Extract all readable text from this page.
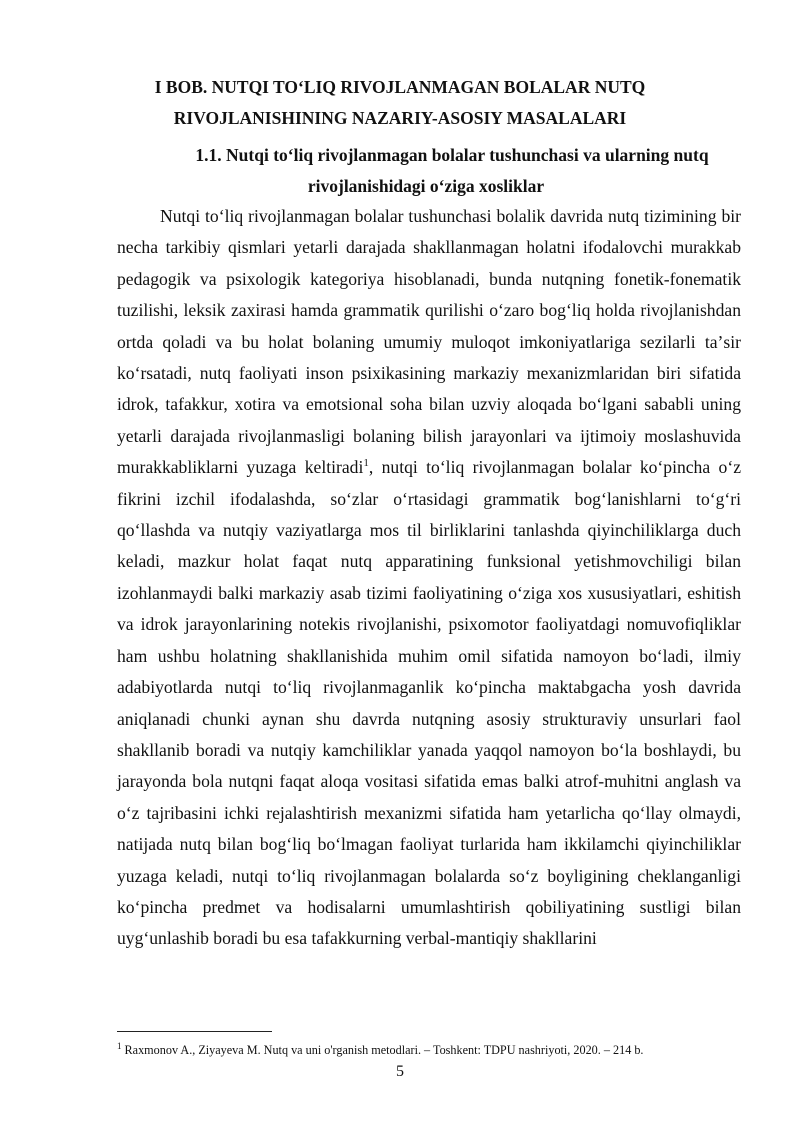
I BOB. NUTQI TOʻLIQ RIVOJLANMAGAN BOLALAR NUTQ RIVOJLANISHINING NAZARIY-ASOSIY MASALALARI
1.1. Nutqi toʻliq rivojlanmagan bolalar tushunchasi va ularning nutq rivojlanishidagi oʻziga xosliklar

Nutqi toʻliq rivojlanmagan bolalar tushunchasi bolalik davrida nutq tizimining bir necha tarkibiy qismlari yetarli darajada shakllanmagan holatni ifodalovchi murakkab pedagogik va psixologik kategoriya hisoblanadi, bunda nutqning fonetik-fonematik tuzilishi, leksik zaxirasi hamda grammatik qurilishi oʻzaro bogʻliq holda rivojlanishdan ortda qoladi va bu holat bolaning umumiy muloqot imkoniyatlariga sezilarli taʼsir koʻrsatadi, nutq faoliyati inson psixikasining markaziy mexanizmlaridan biri sifatida idrok, tafakkur, xotira va emotsional soha bilan uzviy aloqada boʻlgani sababli uning yetarli darajada rivojlanmasligi bolaning bilish jarayonlari va ijtimoiy moslashuvida murakkabliklarni yuzaga keltiradi$^1$, nutqi toʻliq rivojlanmagan bolalar koʻpincha oʻz fikrini izchil ifodalashda, soʻzlar oʻrtasidagi grammatik bogʻlanishlarni toʻgʻri qoʻllashda va nutqiy vaziyatlarga mos til birliklarini tanlashda qiyinchiliklarga duch keladi, mazkur holat faqat nutq apparatining funksional yetishmovchiligi bilan izohlanmaydi balki markaziy asab tizimi faoliyatining oʻziga xos xususiyatlari, eshitish va idrok jarayonlarining notekis rivojlanishi, psixomotor faoliyatdagi nomuvofiqliklar ham ushbu holatning shakllanishida muhim omil sifatida namoyon boʻladi, ilmiy adabiyotlarda nutqi toʻliq rivojlanmaganlik koʻpincha maktabgacha yosh davrida aniqlanadi chunki aynan shu davrda nutqning asosiy strukturaviy unsurlari faol shakllanib boradi va nutqiy kamchiliklar yanada yaqqol namoyon boʻla boshlaydi, bu jarayonda bola nutqni faqat aloqa vositasi sifatida emas balki atrof-muhitni anglash va oʻz tajribasini ichki rejalashtirish mexanizmi sifatida ham yetarlicha qoʻllay olmaydi, natijada nutq bilan bogʻliq boʻlmagan faoliyat turlarida ham ikkilamchi qiyinchiliklar yuzaga keladi, nutqi toʻliq rivojlanmagan bolalarda soʻz boyligining cheklanganligi koʻpincha predmet va hodisalarni umumlashtirish qobiliyatining sustligi bilan uygʻunlashib boradi bu esa tafakkurning verbal-mantiqiy shakllarini

$^1$ Raxmonov A., Ziyayeva M. Nutq va uni o'rganish metodlari. – Toshkent: TDPU nashriyoti, 2020. – 214 b.

5
